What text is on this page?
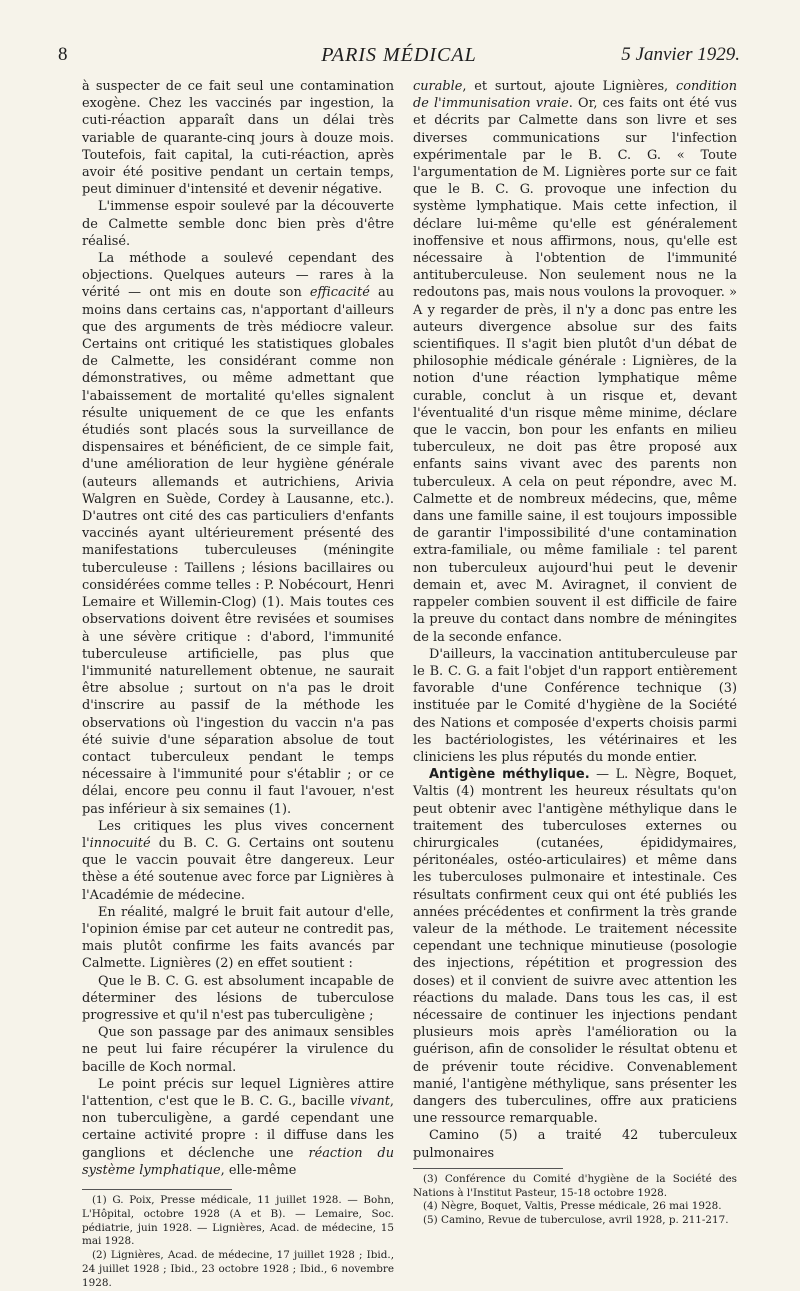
8	PARIS MÉDICAL	5 Janvier 1929.

à suspecter de ce fait seul une contamination exogène. Chez les vaccinés par ingestion, la cuti-réaction apparaît dans un délai très variable de quarante-cinq jours à douze mois. Toutefois, fait capital, la cuti-réaction, après avoir été positive pendant un certain temps, peut diminuer d'intensité et devenir négative.

L'immense espoir soulevé par la découverte de Calmette semble donc bien près d'être réalisé.

La méthode a soulevé cependant des objections. Quelques auteurs — rares à la vérité — ont mis en doute son efficacité au moins dans certains cas, n'apportant d'ailleurs que des arguments de très médiocre valeur. Certains ont critiqué les statistiques globales de Calmette, les considérant comme non démonstratives, ou même admettant que l'abaissement de mortalité qu'elles signalent résulte uniquement de ce que les enfants étudiés sont placés sous la surveillance de dispensaires et bénéficient, de ce simple fait, d'une amélioration de leur hygiène générale (auteurs allemands et autrichiens, Arivia Walgren en Suède, Cordey à Lausanne, etc.). D'autres ont cité des cas particuliers d'enfants vaccinés ayant ultérieurement présenté des manifestations tuberculeuses (méningite tuberculeuse : Taillens ; lésions bacillaires ou considérées comme telles : P. Nobécourt, Henri Lemaire et Willemin-Clog) (1). Mais toutes ces observations doivent être revisées et soumises à une sévère critique : d'abord, l'immunité tuberculeuse artificielle, pas plus que l'immunité naturellement obtenue, ne saurait être absolue ; surtout on n'a pas le droit d'inscrire au passif de la méthode les observations où l'ingestion du vaccin n'a pas été suivie d'une séparation absolue de tout contact tuberculeux pendant le temps nécessaire à l'immunité pour s'établir ; or ce délai, encore peu connu il faut l'avouer, n'est pas inférieur à six semaines (1).

Les critiques les plus vives concernent l'innocuité du B. C. G. Certains ont soutenu que le vaccin pouvait être dangereux. Leur thèse a été soutenue avec force par Lignières à l'Académie de médecine.

En réalité, malgré le bruit fait autour d'elle, l'opinion émise par cet auteur ne contredit pas, mais plutôt confirme les faits avancés par Calmette. Lignières (2) en effet soutient :

Que le B. C. G. est absolument incapable de déterminer des lésions de tuberculose progressive et qu'il n'est pas tuberculigène ;

Que son passage par des animaux sensibles ne peut lui faire récupérer la virulence du bacille de Koch normal.

Le point précis sur lequel Lignières attire l'attention, c'est que le B. C. G., bacille vivant, non tuberculigène, a gardé cependant une certaine activité propre : il diffuse dans les ganglions et déclenche une réaction du système lymphatique, elle-même

(1) G. Poix, Presse médicale, 11 juillet 1928. — Bohn, L'Hôpital, octobre 1928 (A et B). — Lemaire, Soc. pédiatrie, juin 1928. — Lignières, Acad. de médecine, 15 mai 1928.

(2) Lignières, Acad. de médecine, 17 juillet 1928 ; Ibid., 24 juillet 1928 ; Ibid., 23 octobre 1928 ; Ibid., 6 novembre 1928.

curable, et surtout, ajoute Lignières, condition de l'immunisation vraie. Or, ces faits ont été vus et décrits par Calmette dans son livre et ses diverses communications sur l'infection expérimentale par le B. C. G. « Toute l'argumentation de M. Lignières porte sur ce fait que le B. C. G. provoque une infection du système lymphatique. Mais cette infection, il déclare lui-même qu'elle est généralement inoffensive et nous affirmons, nous, qu'elle est nécessaire à l'obtention de l'immunité antituberculeuse. Non seulement nous ne la redoutons pas, mais nous voulons la provoquer. » A y regarder de près, il n'y a donc pas entre les auteurs divergence absolue sur des faits scientifiques. Il s'agit bien plutôt d'un débat de philosophie médicale générale : Lignières, de la notion d'une réaction lymphatique même curable, conclut à un risque et, devant l'éventualité d'un risque même minime, déclare que le vaccin, bon pour les enfants en milieu tuberculeux, ne doit pas être proposé aux enfants sains vivant avec des parents non tuberculeux. A cela on peut répondre, avec M. Calmette et de nombreux médecins, que, même dans une famille saine, il est toujours impossible de garantir l'impossibilité d'une contamination extra-familiale, ou même familiale : tel parent non tuberculeux aujourd'hui peut le devenir demain et, avec M. Aviragnet, il convient de rappeler combien souvent il est difficile de faire la preuve du contact dans nombre de méningites de la seconde enfance.

D'ailleurs, la vaccination antituberculeuse par le B. C. G. a fait l'objet d'un rapport entièrement favorable d'une Conférence technique (3) instituée par le Comité d'hygiène de la Société des Nations et composée d'experts choisis parmi les bactériologistes, les vétérinaires et les cliniciens les plus réputés du monde entier.

Antigène méthylique. — L. Nègre, Boquet, Valtis (4) montrent les heureux résultats qu'on peut obtenir avec l'antigène méthylique dans le traitement des tuberculoses externes ou chirurgicales (cutanées, épididymaires, péritonéales, ostéo-articulaires) et même dans les tuberculoses pulmonaire et intestinale. Ces résultats confirment ceux qui ont été publiés les années précédentes et confirment la très grande valeur de la méthode. Le traitement nécessite cependant une technique minutieuse (posologie des injections, répétition et progression des doses) et il convient de suivre avec attention les réactions du malade. Dans tous les cas, il est nécessaire de continuer les injections pendant plusieurs mois après l'amélioration ou la guérison, afin de consolider le résultat obtenu et de prévenir toute récidive. Convenablement manié, l'antigène méthylique, sans présenter les dangers des tuberculines, offre aux praticiens une ressource remarquable.

Camino (5) a traité 42 tuberculeux pulmonaires

(3) Conférence du Comité d'hygiène de la Société des Nations à l'Institut Pasteur, 15-18 octobre 1928.

(4) Nègre, Boquet, Valtis, Presse médicale, 26 mai 1928.

(5) Camino, Revue de tuberculose, avril 1928, p. 211-217.
